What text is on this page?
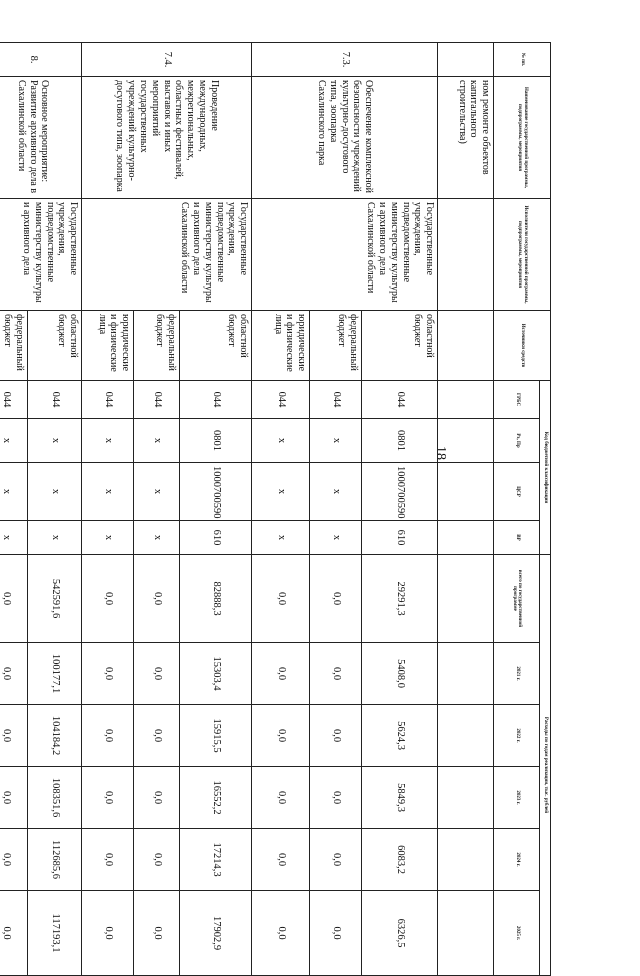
18
№ пп.	Наименование государственной программы, подпрограммы, мероприятия	Исполнители государственной программы, подпрограммы, мероприятия	Источники средств	Код бюджетной классификации				Расходы по годам реализации, тыс. рублей					
				ГРБС	Рз, Пр	ЦСР	ВР	всего по государственной программе	2021 г.	2022 г.	2023 г.	2024 г.	2025 г.
	ном ремонте объектов капитального строительства)												
7.3.	Обеспечение комплексной безопасности учреждений культурно-досугового типа, зоопарка Сахалинского парка	Государственные учреждения, подведомственные министерству культуры и архивного дела Сахалинской области	областной бюджет	044	0801	1000700590	610	29291,3	5408,0	5624,3	5849,3	6083,2	6326,5
			федеральный бюджет	044	x	x	x	0,0	0,0	0,0	0,0	0,0	0,0
			юридические и физические лица	044	x	x	x	0,0	0,0	0,0	0,0	0,0	0,0
7.4.	Проведение международных, межрегиональных, областных фестивалей, выставок и иных мероприятий государственных учреждений культурно-досугового типа, зоопарка	Государственные учреждения, подведомственные министерству культуры и архивного дела Сахалинской области	областной бюджет	044	0801	1000700590	610	82888,3	15303,4	15915,5	16552,2	17214,3	17902,9
			федеральный бюджет	044	x	x	x	0,0	0,0	0,0	0,0	0,0	0,0
			юридические и физические лица	044	x	x	x	0,0	0,0	0,0	0,0	0,0	0,0
8.	Основное мероприятие: Развитие архивного дела в Сахалинской области	Государственные учреждения, подведомственные министерству культуры и архивного дела	областной бюджет	044	x	x	x	542591,6	100177,1	104184,2	108351,6	112685,6	117193,1
			федеральный бюджет	044	x	x	x	0,0	0,0	0,0	0,0	0,0	0,0
